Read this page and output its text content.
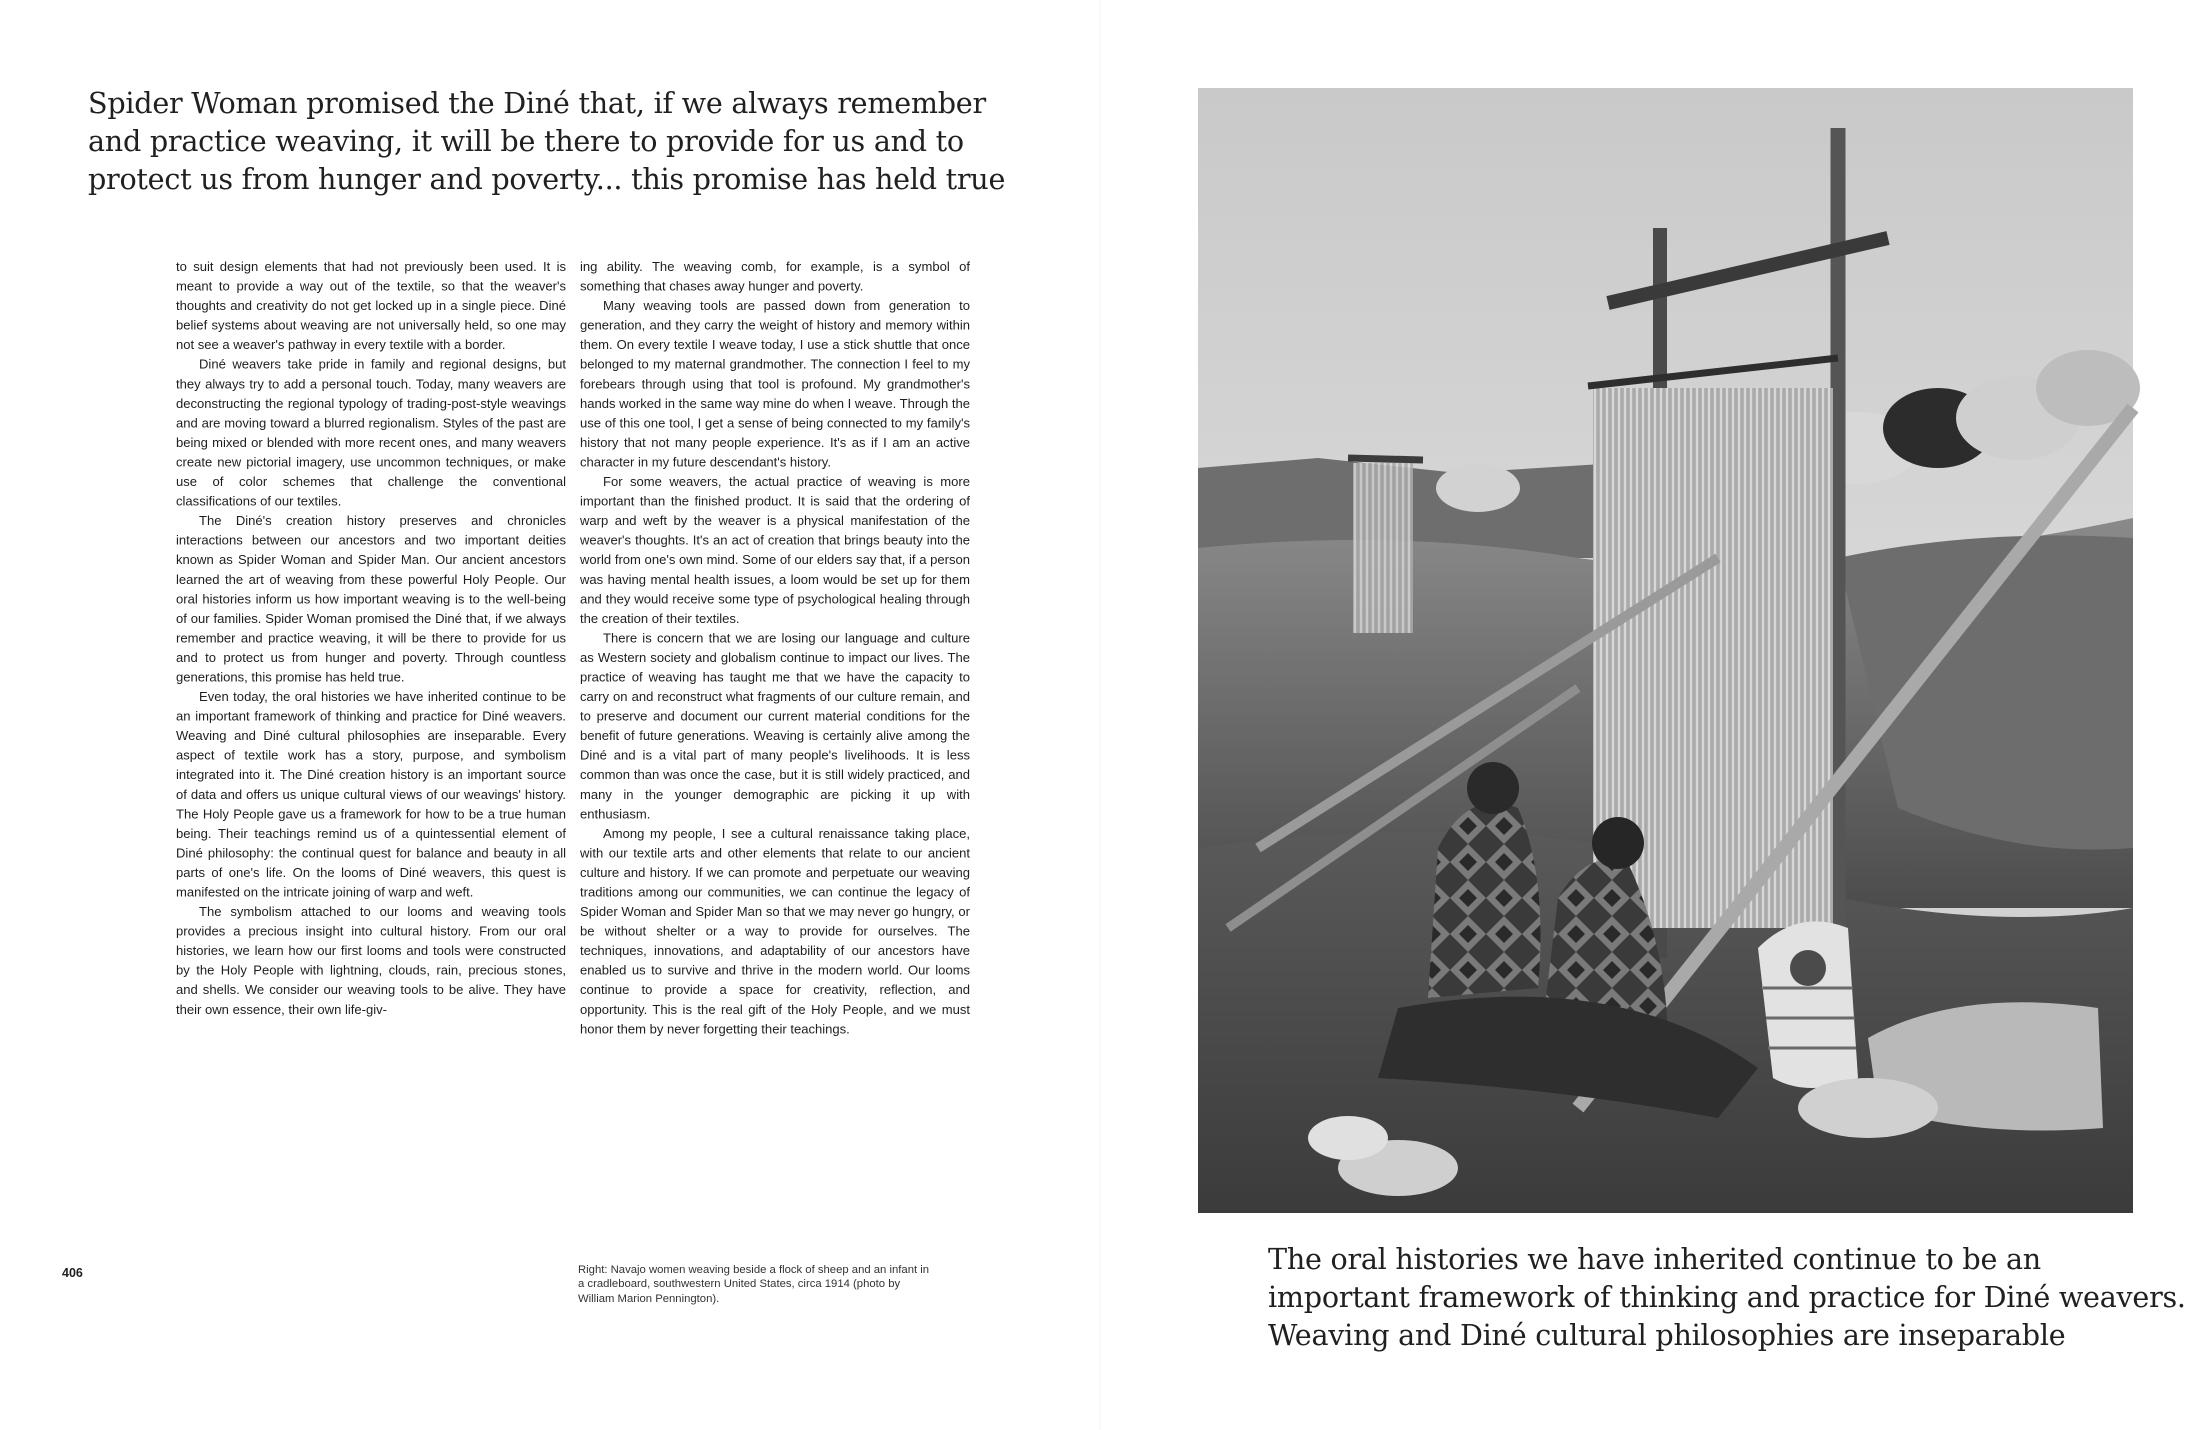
Spider Woman promised the Diné that, if we always remember
and practice weaving, it will be there to provide for us and to
protect us from hunger and poverty... this promise has held true

to suit design elements that had not previously been used. It is meant to provide a way out of the textile, so that the weaver's thoughts and creativity do not get locked up in a single piece. Diné belief systems about weaving are not universally held, so one may not see a weaver's pathway in every textile with a border.

Diné weavers take pride in family and regional designs, but they always try to add a personal touch. Today, many weavers are deconstructing the regional typology of trading-post-style weavings and are moving toward a blurred regionalism. Styles of the past are being mixed or blended with more recent ones, and many weavers create new pictorial imagery, use uncommon techniques, or make use of color schemes that challenge the conventional classifications of our textiles.

The Diné's creation history preserves and chronicles interactions between our ancestors and two important deities known as Spider Woman and Spider Man. Our ancient ancestors learned the art of weaving from these powerful Holy People. Our oral histories inform us how important weaving is to the well-being of our families. Spider Woman promised the Diné that, if we always remember and practice weaving, it will be there to provide for us and to protect us from hunger and poverty. Through countless generations, this promise has held true.

Even today, the oral histories we have inherited continue to be an important framework of thinking and practice for Diné weavers. Weaving and Diné cultural philosophies are inseparable. Every aspect of textile work has a story, purpose, and symbolism integrated into it. The Diné creation history is an important source of data and offers us unique cultural views of our weavings' history. The Holy People gave us a framework for how to be a true human being. Their teachings remind us of a quintessential element of Diné philosophy: the continual quest for balance and beauty in all parts of one's life. On the looms of Diné weavers, this quest is manifested on the intricate joining of warp and weft.

The symbolism attached to our looms and weaving tools provides a precious insight into cultural history. From our oral histories, we learn how our first looms and tools were constructed by the Holy People with lightning, clouds, rain, precious stones, and shells. We consider our weaving tools to be alive. They have their own essence, their own life-giv-

ing ability. The weaving comb, for example, is a symbol of something that chases away hunger and poverty.

Many weaving tools are passed down from generation to generation, and they carry the weight of history and memory within them. On every textile I weave today, I use a stick shuttle that once belonged to my maternal grandmother. The connection I feel to my forebears through using that tool is profound. My grandmother's hands worked in the same way mine do when I weave. Through the use of this one tool, I get a sense of being connected to my family's history that not many people experience. It's as if I am an active character in my future descendant's history.

For some weavers, the actual practice of weaving is more important than the finished product. It is said that the ordering of warp and weft by the weaver is a physical manifestation of the weaver's thoughts. It's an act of creation that brings beauty into the world from one's own mind. Some of our elders say that, if a person was having mental health issues, a loom would be set up for them and they would receive some type of psychological healing through the creation of their textiles.

There is concern that we are losing our language and culture as Western society and globalism continue to impact our lives. The practice of weaving has taught me that we have the capacity to carry on and reconstruct what fragments of our culture remain, and to preserve and document our current material conditions for the benefit of future generations. Weaving is certainly alive among the Diné and is a vital part of many people's livelihoods. It is less common than was once the case, but it is still widely practiced, and many in the younger demographic are picking it up with enthusiasm.

Among my people, I see a cultural renaissance taking place, with our textile arts and other elements that relate to our ancient culture and history. If we can promote and perpetuate our weaving traditions among our communities, we can continue the legacy of Spider Woman and Spider Man so that we may never go hungry, or be without shelter or a way to provide for ourselves. The techniques, innovations, and adaptability of our ancestors have enabled us to survive and thrive in the modern world. Our looms continue to provide a space for creativity, reflection, and opportunity. This is the real gift of the Holy People, and we must honor them by never forgetting their teachings.

406	Right: Navajo women weaving beside a flock of sheep and an infant in a cradleboard, southwestern United States, circa 1914 (photo by William Marion Pennington).
The oral histories we have inherited continue to be an
important framework of thinking and practice for Diné weavers.
Weaving and Diné cultural philosophies are inseparable
